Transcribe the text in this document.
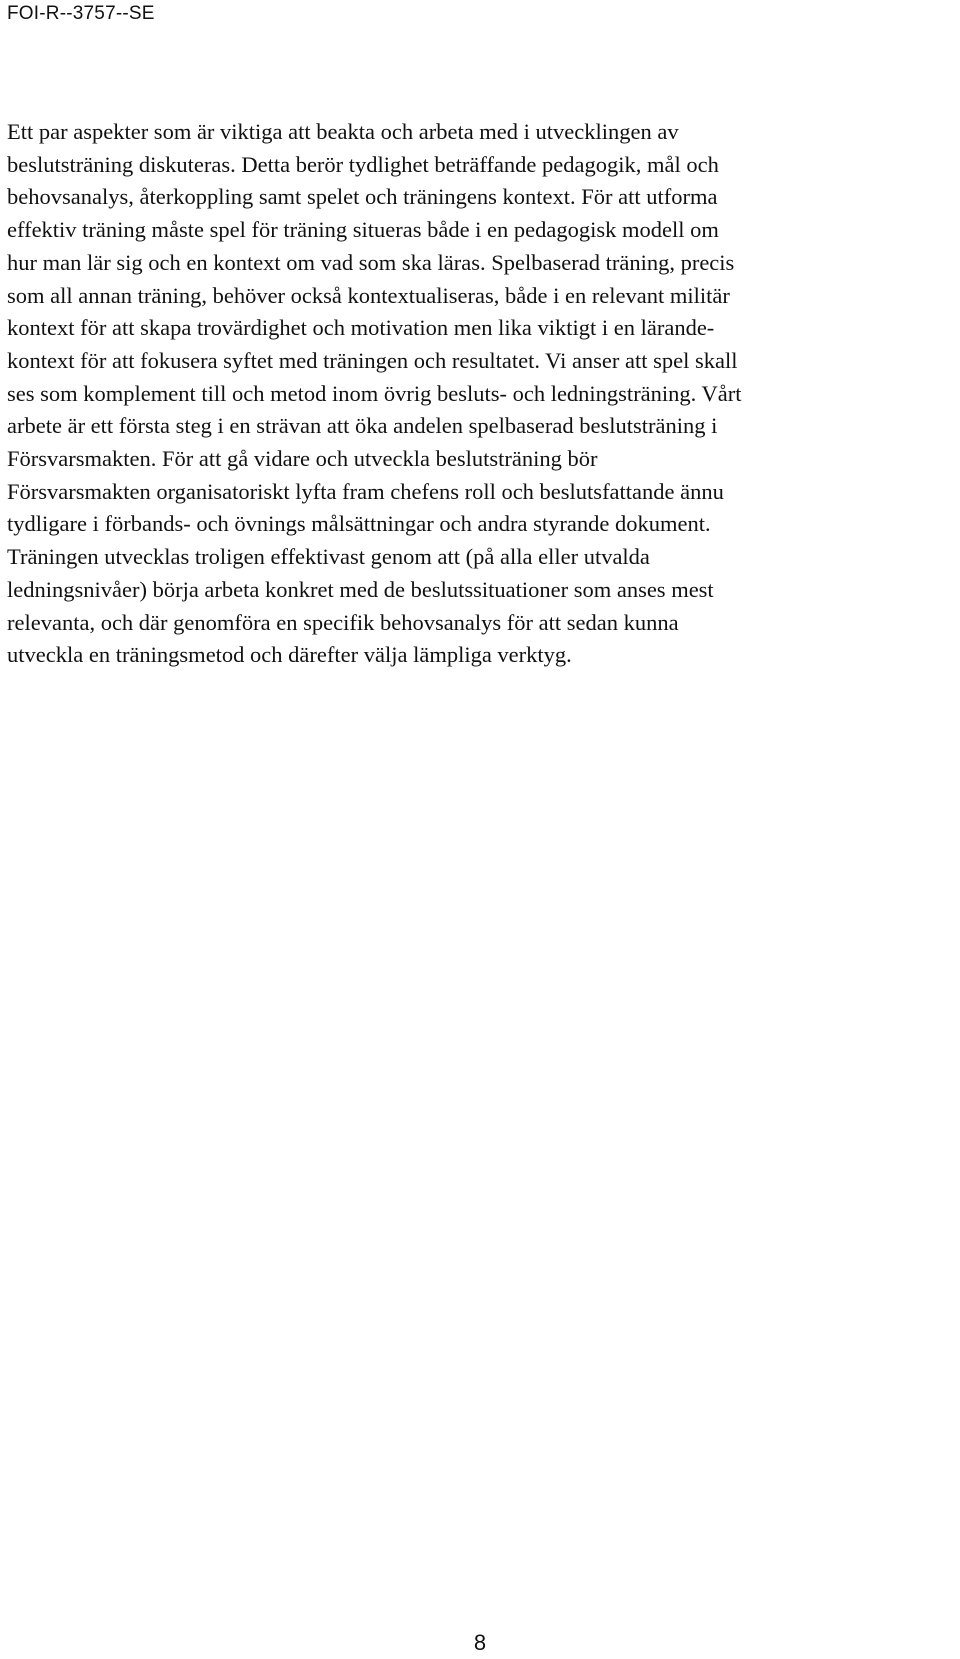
FOI-R--3757--SE
Ett par aspekter som är viktiga att beakta och arbeta med i utvecklingen av
beslutsträning diskuteras. Detta berör tydlighet beträffande pedagogik, mål och
behovsanalys, återkoppling samt spelet och träningens kontext. För att utforma
effektiv träning måste spel för träning situeras både i en pedagogisk modell om
hur man lär sig och en kontext om vad som ska läras. Spelbaserad träning, precis
som all annan träning, behöver också kontextualiseras, både i en relevant militär
kontext för att skapa trovärdighet och motivation men lika viktigt i en lärande-
kontext för att fokusera syftet med träningen och resultatet. Vi anser att spel skall
ses som komplement till och metod inom övrig besluts- och ledningsträning. Vårt
arbete är ett första steg i en strävan att öka andelen spelbaserad beslutsträning i
Försvarsmakten. För att gå vidare och utveckla beslutsträning bör
Försvarsmakten organisatoriskt lyfta fram chefens roll och beslutsfattande ännu
tydligare i förbands- och övnings målsättningar och andra styrande dokument.
Träningen utvecklas troligen effektivast genom att (på alla eller utvalda
ledningsnivåer) börja arbeta konkret med de beslutssituationer som anses mest
relevanta, och där genomföra en specifik behovsanalys för att sedan kunna
utveckla en träningsmetod och därefter välja lämpliga verktyg.
8
